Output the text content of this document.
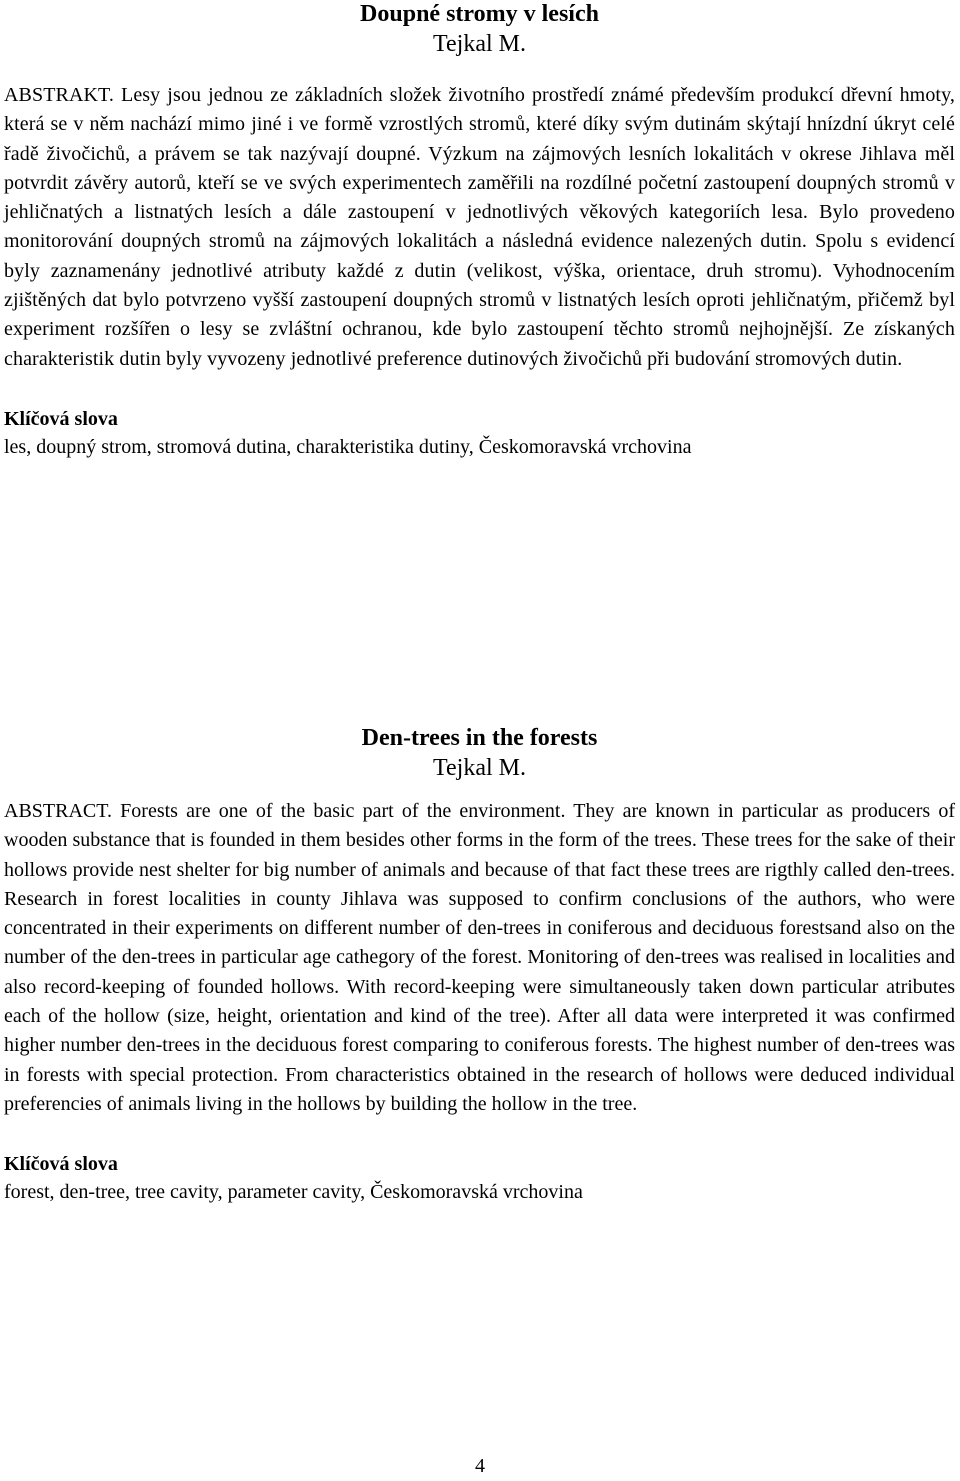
Doupné stromy v lesích

Tejkal M.

ABSTRAKT. Lesy jsou jednou ze základních složek životního prostředí známé především produkcí dřevní hmoty, která se v něm nachází mimo jiné i ve formě vzrostlých stromů, které díky svým dutinám skýtají hnízdní úkryt celé řadě živočichů, a právem se tak nazývají doupné. Výzkum na zájmových lesních lokalitách v okrese Jihlava měl potvrdit závěry autorů, kteří se ve svých experimentech zaměřili na rozdílné početní zastoupení doupných stromů v jehličnatých a listnatých lesích a dále zastoupení v jednotlivých věkových kategoriích lesa. Bylo provedeno monitorování doupných stromů na zájmových lokalitách a následná evidence nalezených dutin. Spolu s evidencí byly zaznamenány jednotlivé atributy každé z dutin (velikost, výška, orientace, druh stromu). Vyhodnocením zjištěných dat bylo potvrzeno vyšší zastoupení doupných stromů v listnatých lesích oproti jehličnatým, přičemž byl experiment rozšířen o lesy se zvláštní ochranou, kde bylo zastoupení těchto stromů nejhojnější. Ze získaných charakteristik dutin byly vyvozeny jednotlivé preference dutinových živočichů při budování stromových dutin.

Klíčová slova

les, doupný strom, stromová dutina, charakteristika dutiny, Českomoravská vrchovina

Den-trees in the forests

Tejkal M.

ABSTRACT. Forests are one of the basic part of the environment. They are known in particular as producers of wooden substance that is founded in them besides other forms in the form of the trees. These trees for the sake of their hollows provide nest shelter for big number of animals and because of that fact these trees are rigthly called den-trees. Research in forest localities in county Jihlava was supposed to confirm conclusions of the authors, who were concentrated in their experiments on different number of den-trees in coniferous and deciduous forestsand also on the number of the den-trees in particular age cathegory of the forest. Monitoring of den-trees was realised in localities and also record-keeping of founded hollows. With record-keeping were simultaneously taken down particular atributes each of the hollow (size, height, orientation and kind of the tree). After all data were interpreted it was confirmed higher number den-trees in the deciduous forest comparing to coniferous forests. The highest number of den-trees was in forests with special protection. From characteristics obtained in the research of hollows were deduced individual preferencies of animals living in the hollows by building the hollow in the tree.

Klíčová slova

forest, den-tree, tree cavity, parameter cavity, Českomoravská vrchovina

4
